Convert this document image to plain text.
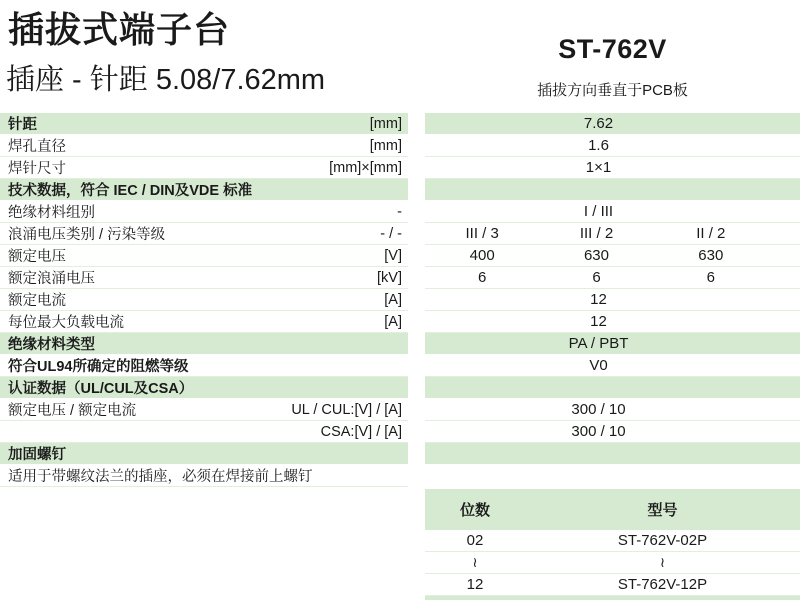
插拔式端子台
插座 - 针距 5.08/7.62mm
ST-762V
插拔方向垂直于PCB板
针距	[mm]	7.62
焊孔直径	[mm]	1.6
焊针尺寸	[mm]×[mm]	1×1
技术数据，符合 IEC / DIN及VDE 标准
绝缘材料组别	-	I / III
浪涌电压类别 / 污染等级	- / -	III / 3	III / 2	II / 2
额定电压	[V]	400	630	630
额定浪涌电压	[kV]	6	6	6
额定电流	[A]	12
每位最大负载电流	[A]	12
绝缘材料类型	PA / PBT
符合UL94所确定的阻燃等级	V0
认证数据（UL/CUL及CSA）
额定电压 / 额定电流	UL / CUL:[V] / [A]	300 / 10
CSA:[V] / [A]	300 / 10
加固螺钉
适用于带螺纹法兰的插座，必须在焊接前上螺钉
位数	型号
02	ST-762V-02P
≀	≀
12	ST-762V-12P
